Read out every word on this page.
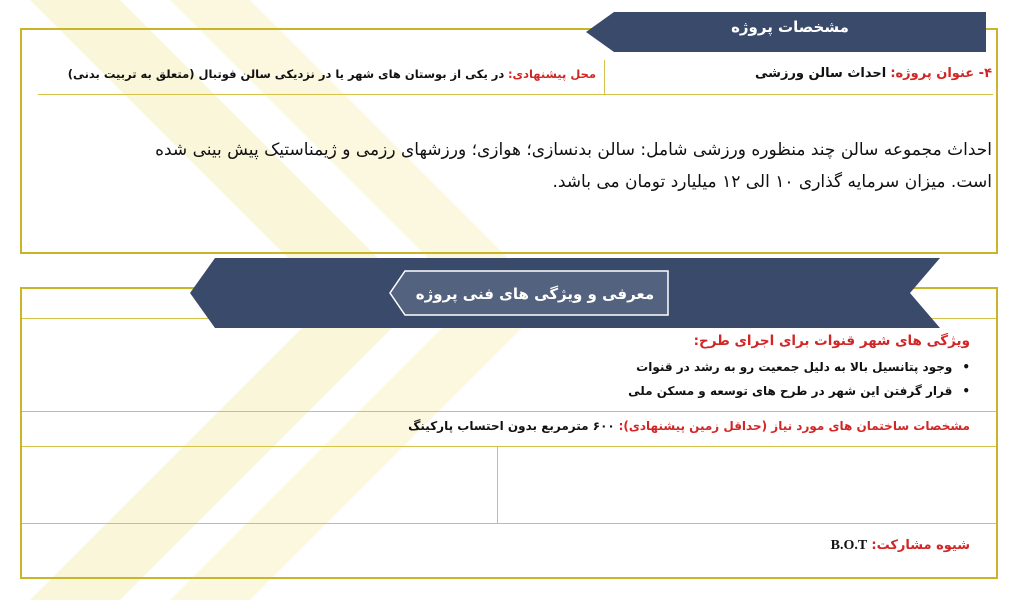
مشخصات پروژه
۴- عنوان پروژه: احداث سالن ورزشی
محل پیشنهادی: در یکی از بوستان های شهر یا در نزدیکی سالن فوتبال (متعلق به تربیت بدنی)
احداث مجموعه سالن چند منظوره ورزشی شامل: سالن بدنسازی؛ هوازی؛ ورزشهای رزمی و ژیمناستیک پیش بینی شده
است. میزان سرمایه گذاری ۱۰ الی ۱۲ میلیارد تومان می باشد.
معرفی و ویژگی های فنی پروژه
ویژگی های شهر قنوات برای اجرای طرح:
•وجود پتانسیل بالا به دلیل جمعیت رو به رشد در قنوات
•قرار گرفتن این شهر در طرح های توسعه و مسکن ملی
مشخصات ساختمان های مورد نیاز (حداقل زمین پیشنهادی): ۶۰۰ مترمربع بدون احتساب پارکینگ
شیوه مشارکت: B.O.T
